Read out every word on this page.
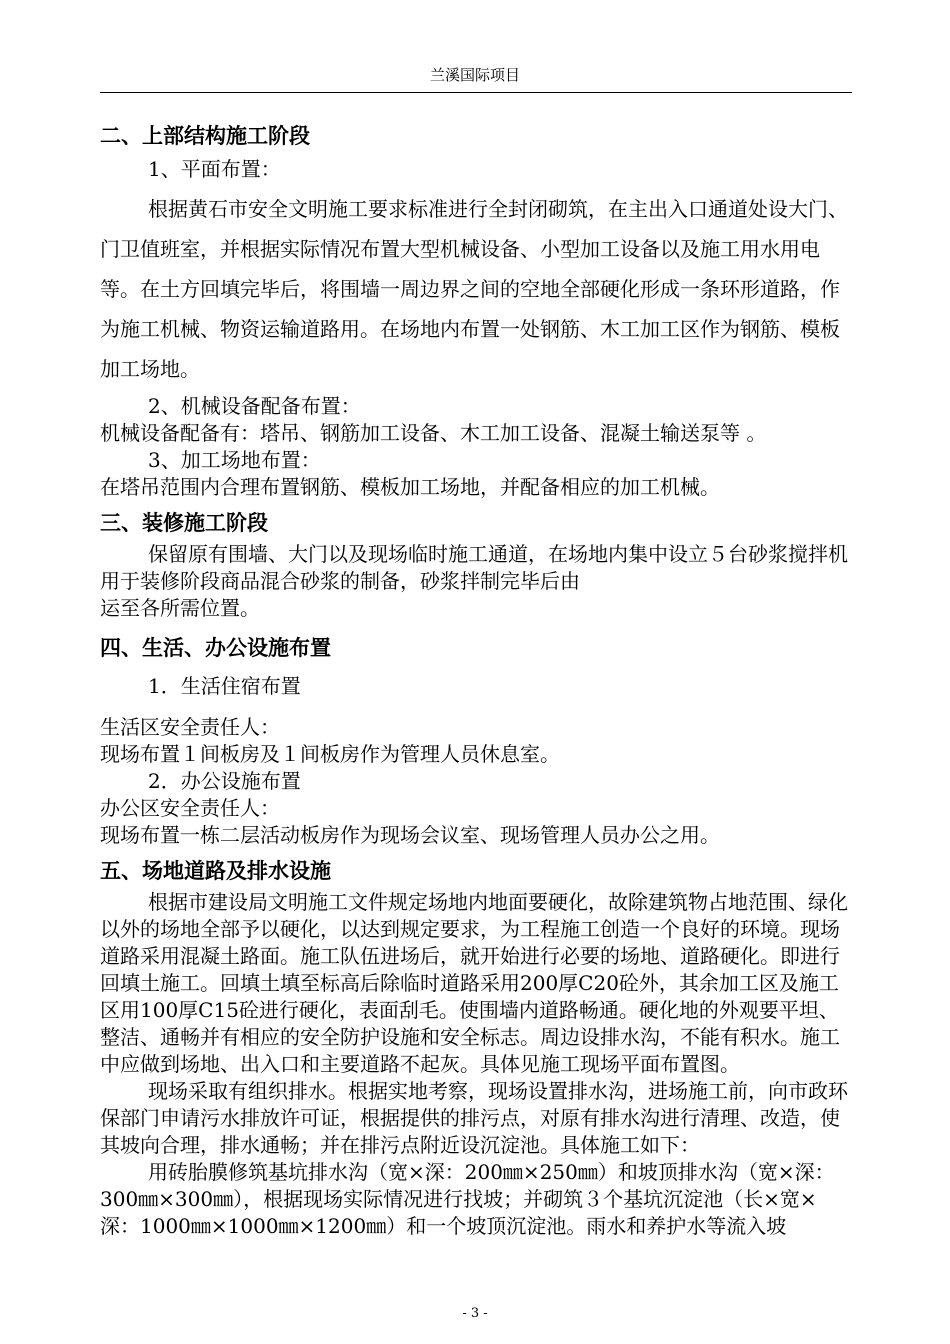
兰溪国际项目
二、上部结构施工阶段

1、平面布置：

根据黄石市安全文明施工要求标准进行全封闭砌筑，在主出入口通道处设大门、门卫值班室，并根据实际情况布置大型机械设备、小型加工设备以及施工用水用电等。在土方回填完毕后，将围墙一周边界之间的空地全部硬化形成一条环形道路，作为施工机械、物资运输道路用。在场地内布置一处钢筋、木工加工区作为钢筋、模板加工场地。

2、机械设备配备布置：

机械设备配备有：塔吊、钢筋加工设备、木工加工设备、混凝土输送泵等 。

3、加工场地布置：

在塔吊范围内合理布置钢筋、模板加工场地，并配备相应的加工机械。

三、装修施工阶段

保留原有围墙、大门以及现场临时施工通道，在场地内集中设立５台砂浆搅拌机用于装修阶段商品混合砂浆的制备，砂浆拌制完毕后由

运至各所需位置。

四、生活、办公设施布置

1．生活住宿布置

生活区安全责任人：

现场布置１间板房及１间板房作为管理人员休息室。

2．办公设施布置

办公区安全责任人：

现场布置一栋二层活动板房作为现场会议室、现场管理人员办公之用。

五、场地道路及排水设施

根据市建设局文明施工文件规定场地内地面要硬化，故除建筑物占地范围、绿化以外的场地全部予以硬化，以达到规定要求，为工程施工创造一个良好的环境。现场道路采用混凝土路面。施工队伍进场后，就开始进行必要的场地、道路硬化。即进行回填土施工。回填土填至标高后除临时道路采用200厚C20砼外，其余加工区及施工区用100厚C15砼进行硬化，表面刮毛。使围墙内道路畅通。硬化地的外观要平坦、整洁、通畅并有相应的安全防护设施和安全标志。周边设排水沟，不能有积水。施工中应做到场地、出入口和主要道路不起灰。具体见施工现场平面布置图。

现场采取有组织排水。根据实地考察，现场设置排水沟，进场施工前，向市政环保部门申请污水排放许可证，根据提供的排污点，对原有排水沟进行清理、改造，使其坡向合理，排水通畅；并在排污点附近设沉淀池。具体施工如下：

用砖胎膜修筑基坑排水沟（宽×深：200㎜×250㎜）和坡顶排水沟（宽×深：300㎜×300㎜），根据现场实际情况进行找坡；并砌筑３个基坑沉淀池（长×宽×深：1000㎜×1000㎜×1200㎜）和一个坡顶沉淀池。雨水和养护水等流入坡

- 3 -
